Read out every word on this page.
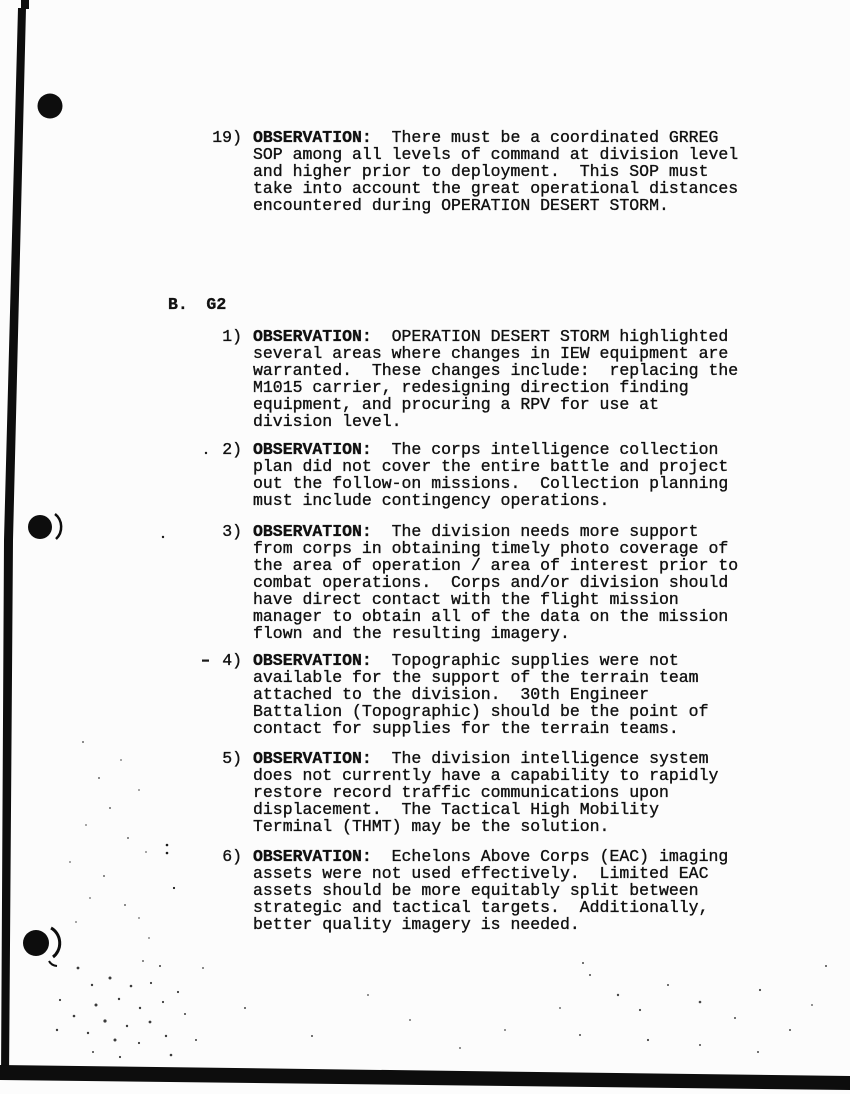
19) OBSERVATION:  There must be a coordinated GRREG
SOP among all levels of command at division level
and higher prior to deployment.  This SOP must
take into account the great operational distances
encountered during OPERATION DESERT STORM.
B. G2
1) OBSERVATION:  OPERATION DESERT STORM highlighted
several areas where changes in IEW equipment are
warranted.  These changes include:  replacing the
M1015 carrier, redesigning direction finding
equipment, and procuring a RPV for use at
division level.
2) OBSERVATION:  The corps intelligence collection
plan did not cover the entire battle and project
out the follow-on missions.  Collection planning
must include contingency operations.
3) OBSERVATION:  The division needs more support
from corps in obtaining timely photo coverage of
the area of operation / area of interest prior to
combat operations.  Corps and/or division should
have direct contact with the flight mission
manager to obtain all of the data on the mission
flown and the resulting imagery.
4) OBSERVATION:  Topographic supplies were not
available for the support of the terrain team
attached to the division.  30th Engineer
Battalion (Topographic) should be the point of
contact for supplies for the terrain teams.
5) OBSERVATION:  The division intelligence system
does not currently have a capability to rapidly
restore record traffic communications upon
displacement.  The Tactical High Mobility
Terminal (THMT) may be the solution.
6) OBSERVATION:  Echelons Above Corps (EAC) imaging
assets were not used effectively.  Limited EAC
assets should be more equitably split between
strategic and tactical targets.  Additionally,
better quality imagery is needed.
